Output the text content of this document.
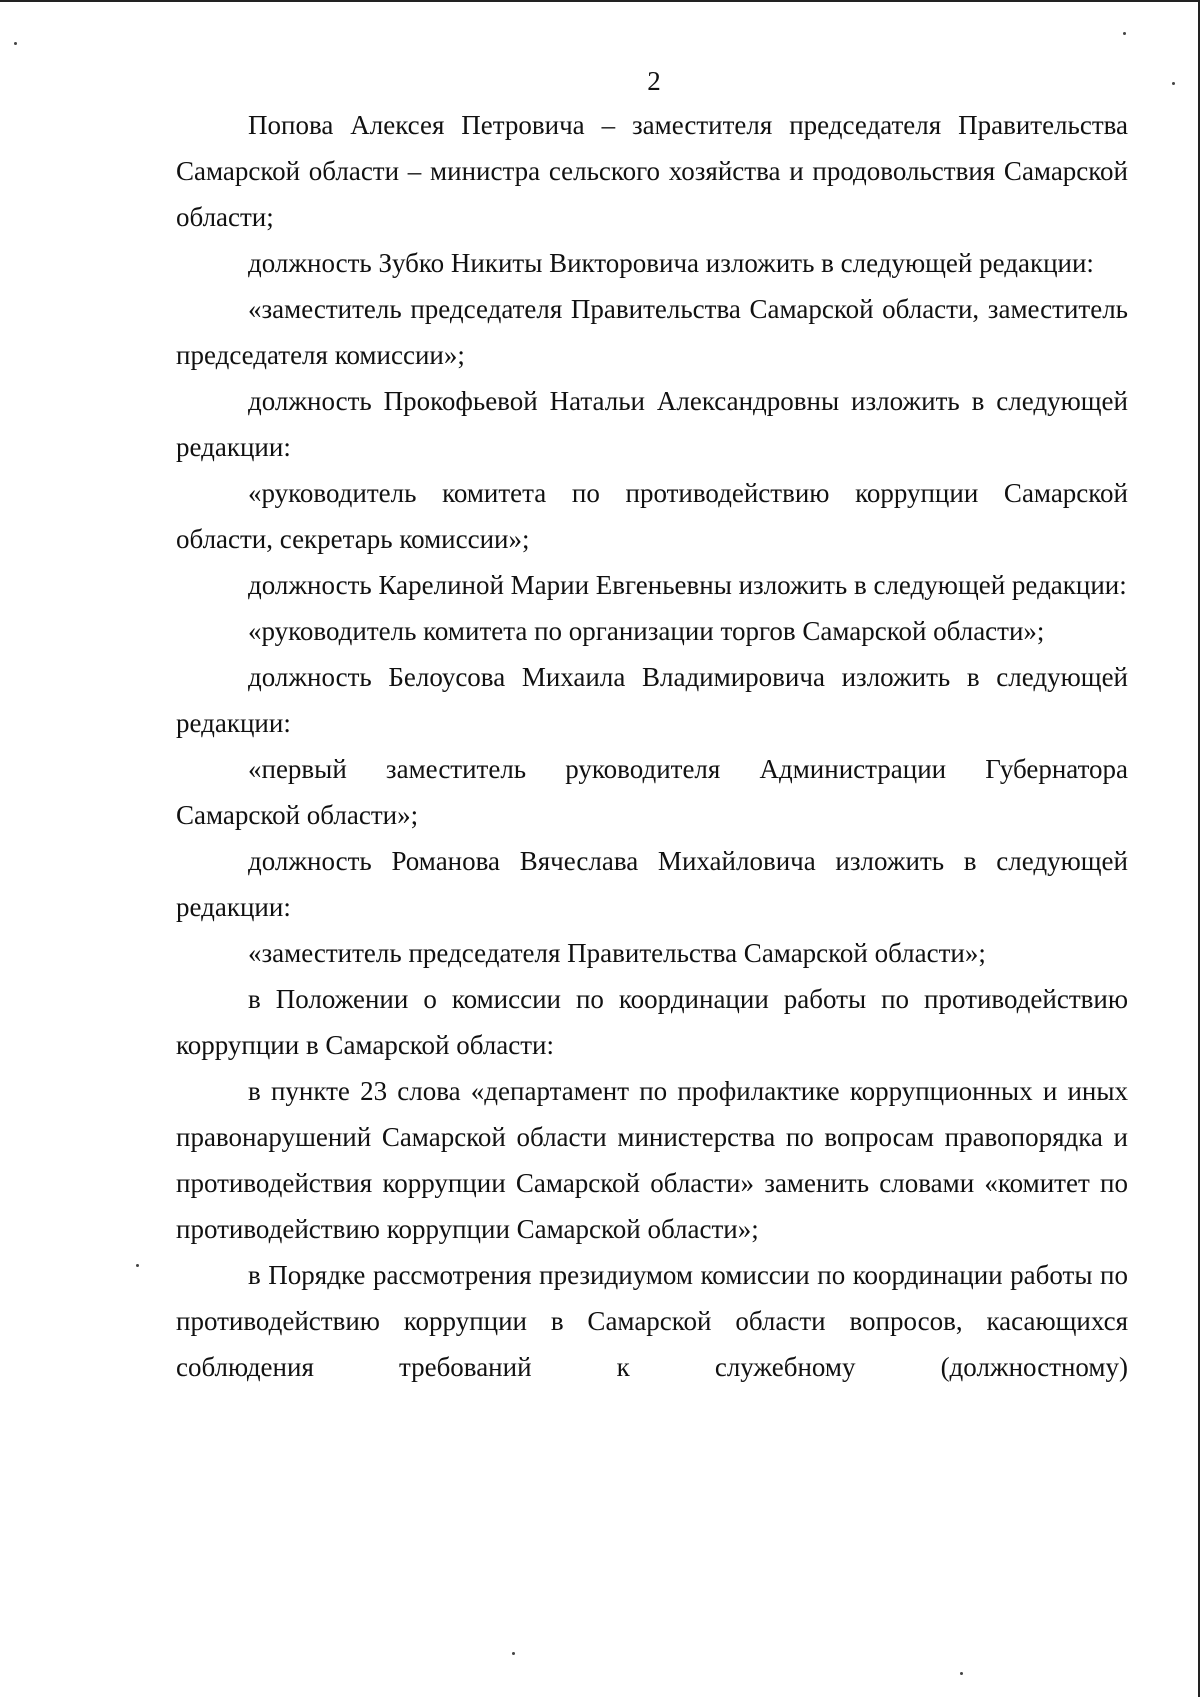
2

Попова Алексея Петровича – заместителя председателя Правительства Самарской области – министра сельского хозяйства и продовольствия Самарской области;

должность Зубко Никиты Викторовича изложить в следующей редакции:

«заместитель председателя Правительства Самарской области, заместитель председателя комиссии»;

должность Прокофьевой Натальи Александровны изложить в следующей редакции:

«руководитель комитета по противодействию коррупции Самарской области, секретарь комиссии»;

должность Карелиной Марии Евгеньевны изложить в следующей редакции:

«руководитель комитета по организации торгов Самарской области»;

должность Белоусова Михаила Владимировича изложить в следующей редакции:

«первый заместитель руководителя Администрации Губернатора Самарской области»;

должность Романова Вячеслава Михайловича изложить в следующей редакции:

«заместитель председателя Правительства Самарской области»;

в Положении о комиссии по координации работы по противодействию коррупции в Самарской области:

в пункте 23 слова «департамент по профилактике коррупционных и иных правонарушений Самарской области министерства по вопросам правопорядка и противодействия коррупции Самарской области» заменить словами «комитет по противодействию коррупции Самарской области»;

в Порядке рассмотрения президиумом комиссии по координации работы по противодействию коррупции в Самарской области вопросов, касающихся соблюдения требований к служебному (должностному)
